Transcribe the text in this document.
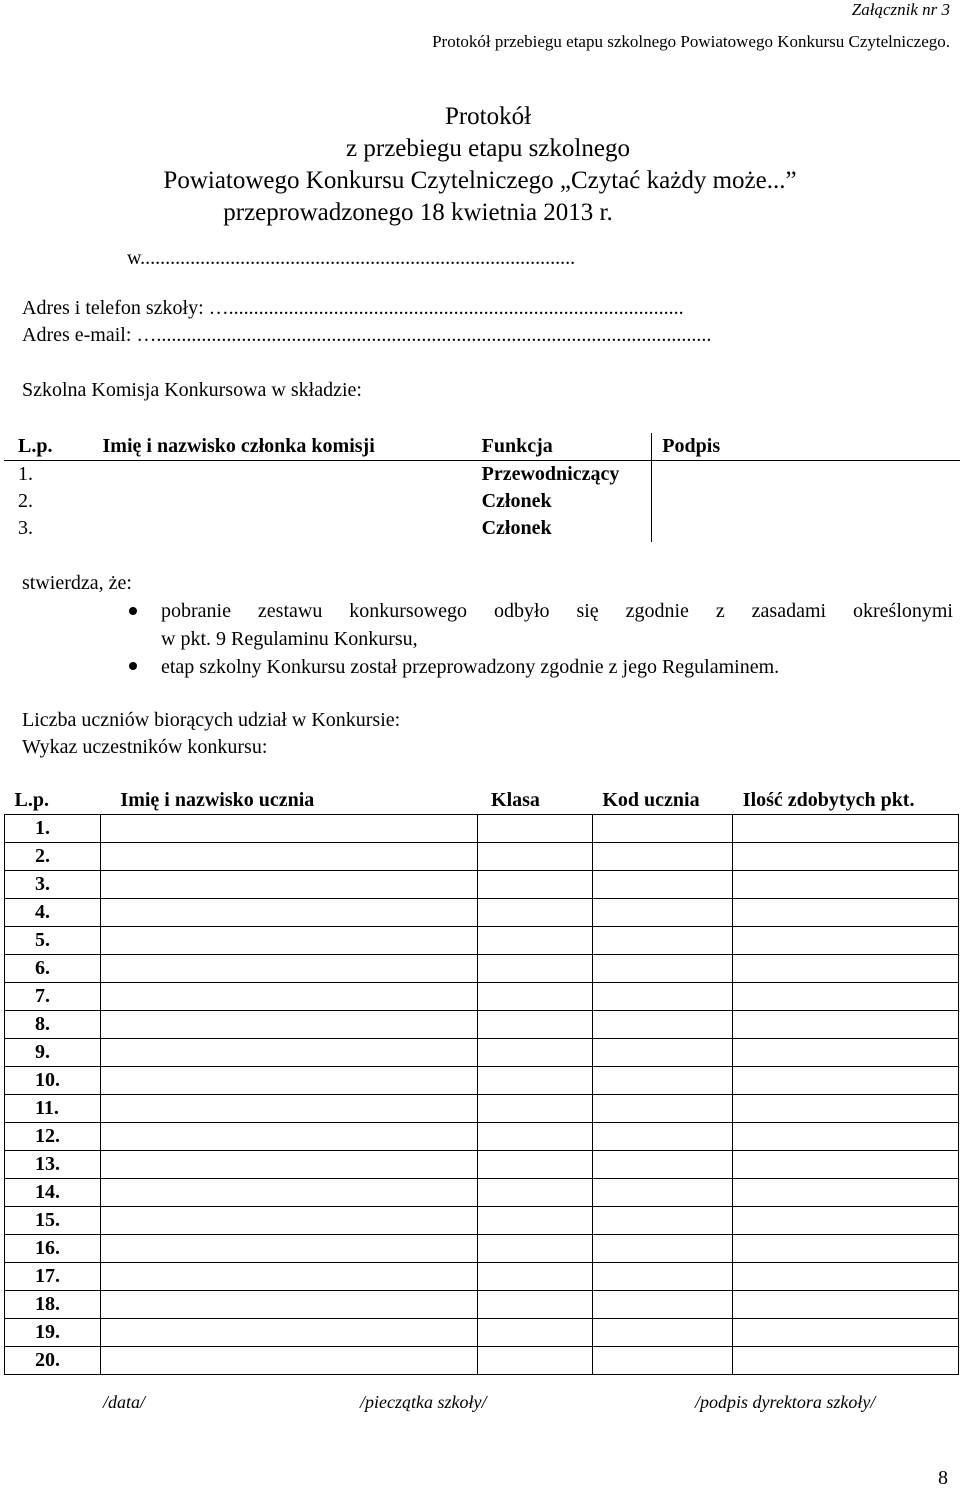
Załącznik nr 3
Protokół przebiegu etapu szkolnego Powiatowego Konkursu Czytelniczego.
Protokół
z przebiegu etapu szkolnego
Powiatowego Konkursu Czytelniczego „Czytać każdy może...”
przeprowadzonego 18 kwietnia 2013 r.
w.......................................................................................
Adres i telefon szkoły: …...........................................................................................
Adres e-mail: …...............................................................................................................
Szkolna Komisja Konkursowa w składzie:
L.p.	Imię i nazwisko członka komisji	Funkcja	Podpis
1.		Przewodniczący	
2.		Członek	
3.		Członek	
stwierdza, że:
pobranie zestawu konkursowego odbyło się zgodnie z zasadami określonymi
w pkt. 9 Regulaminu Konkursu,
etap szkolny Konkursu został przeprowadzony zgodnie z jego Regulaminem.
Liczba uczniów biorących udział w Konkursie:
Wykaz uczestników konkursu:
L.p.	Imię i nazwisko ucznia	Klasa	Kod ucznia	Ilość zdobytych pkt.
1.				
2.				
3.				
4.				
5.				
6.				
7.				
8.				
9.				
10.				
11.				
12.				
13.				
14.				
15.				
16.				
17.				
18.				
19.				
20.				
/data/	/pieczątka szkoły/	/podpis dyrektora szkoły/
8
